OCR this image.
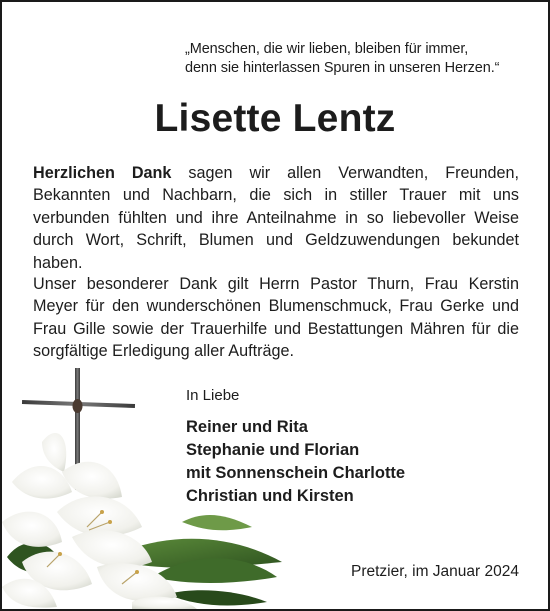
„Menschen, die wir lieben, bleiben für immer,
denn sie hinterlassen Spuren in unseren Herzen.“
Lisette Lentz
Herzlichen Dank sagen wir allen Verwandten, Freunden, Bekannten und Nachbarn, die sich in stiller Trauer mit uns verbunden fühlten und ihre Anteilnahme in so liebevoller Weise durch Wort, Schrift, Blumen und Geldzuwendungen bekundet haben.
Unser besonderer Dank gilt Herrn Pastor Thurn, Frau Kerstin Meyer für den wunderschönen Blumenschmuck, Frau Gerke und Frau Gille sowie der Trauerhilfe und Bestattungen Mähren für die sorgfältige Erledigung aller Aufträge.
In Liebe
Reiner und Rita
Stephanie und Florian
mit Sonnenschein Charlotte
Christian und Kirsten
Pretzier, im Januar 2024
